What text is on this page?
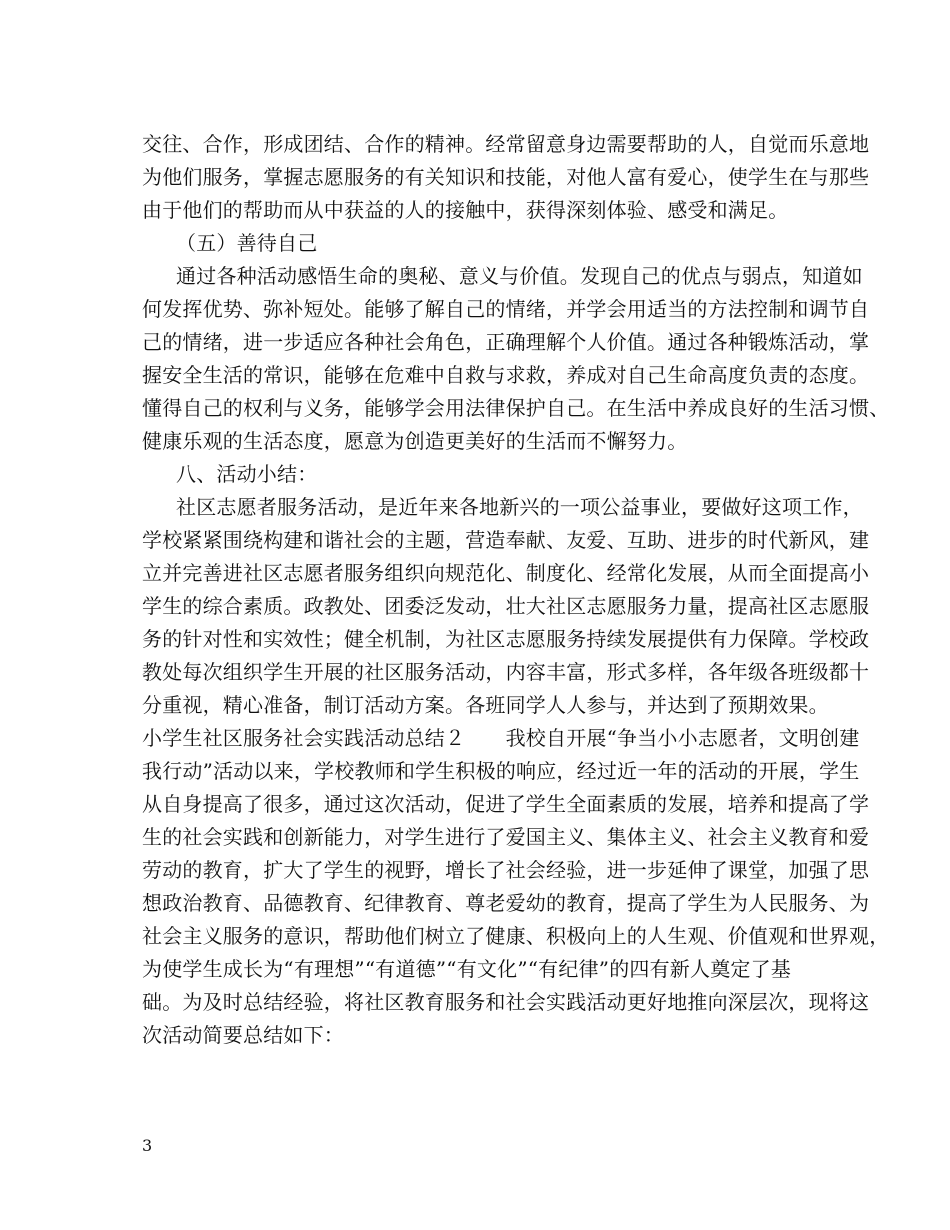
交往、合作，形成团结、合作的精神。经常留意身边需要帮助的人，自觉而乐意地
为他们服务，掌握志愿服务的有关知识和技能，对他人富有爱心，使学生在与那些
由于他们的帮助而从中获益的人的接触中，获得深刻体验、感受和满足。
（五）善待自己
通过各种活动感悟生命的奥秘、意义与价值。发现自己的优点与弱点，知道如
何发挥优势、弥补短处。能够了解自己的情绪，并学会用适当的方法控制和调节自
己的情绪，进一步适应各种社会角色，正确理解个人价值。通过各种锻炼活动，掌
握安全生活的常识，能够在危难中自救与求救，养成对自己生命高度负责的态度。
懂得自己的权利与义务，能够学会用法律保护自己。在生活中养成良好的生活习惯、
健康乐观的生活态度，愿意为创造更美好的生活而不懈努力。
八、活动小结：
社区志愿者服务活动，是近年来各地新兴的一项公益事业，要做好这项工作，
学校紧紧围绕构建和谐社会的主题，营造奉献、友爱、互助、进步的时代新风，建
立并完善进社区志愿者服务组织向规范化、制度化、经常化发展，从而全面提高小
学生的综合素质。政教处、团委泛发动，壮大社区志愿服务力量，提高社区志愿服
务的针对性和实效性；健全机制，为社区志愿服务持续发展提供有力保障。学校政
教处每次组织学生开展的社区服务活动，内容丰富，形式多样，各年级各班级都十
分重视，精心准备，制订活动方案。各班同学人人参与，并达到了预期效果。
小学生社区服务社会实践活动总结２　　我校自开展“争当小小志愿者，文明创建
我行动”活动以来，学校教师和学生积极的响应，经过近一年的活动的开展，学生
从自身提高了很多，通过这次活动，促进了学生全面素质的发展，培养和提高了学
生的社会实践和创新能力，对学生进行了爱国主义、集体主义、社会主义教育和爱
劳动的教育，扩大了学生的视野，增长了社会经验，进一步延伸了课堂，加强了思
想政治教育、品德教育、纪律教育、尊老爱幼的教育，提高了学生为人民服务、为
社会主义服务的意识，帮助他们树立了健康、积极向上的人生观、价值观和世界观，
为使学生成长为“有理想”“有道德”“有文化”“有纪律”的四有新人奠定了基
础。为及时总结经验，将社区教育服务和社会实践活动更好地推向深层次，现将这
次活动简要总结如下：
3
